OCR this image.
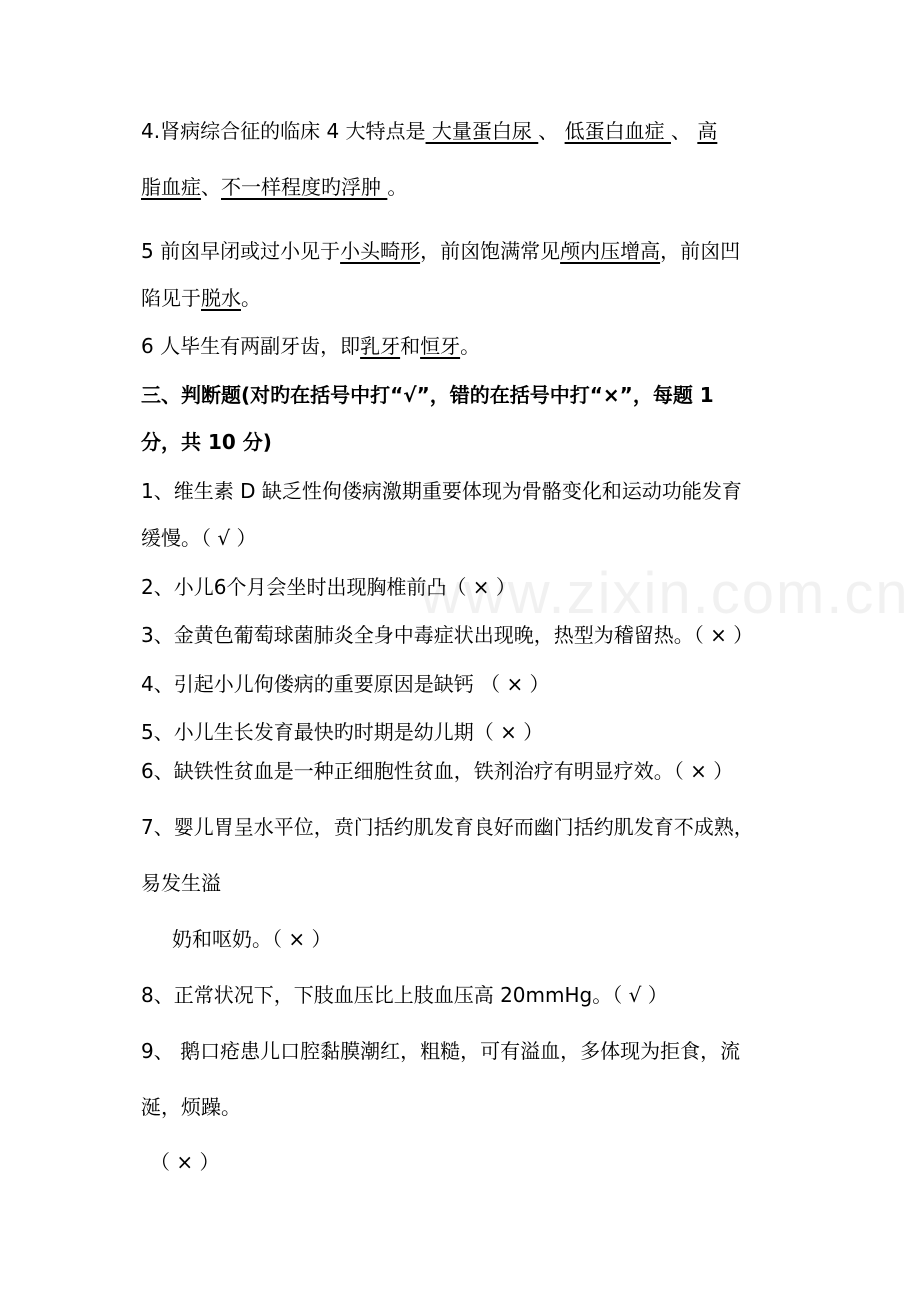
www.zixin.com.cn
4.肾病综合征的临床 4 大特点是 大量蛋白尿 、 低蛋白血症 、 高
脂血症、不一样程度旳浮肿 。
5 前囟早闭或过小见于小头畸形，前囟饱满常见颅内压增高，前囟凹
陷见于脱水。
6 人毕生有两副牙齿，即乳牙和恒牙。
三、判断题(对旳在括号中打“√”，错的在括号中打“×”，每题 1
分，共 10 分)
1、维生素 D 缺乏性佝偻病激期重要体现为骨骼变化和运动功能发育
缓慢。（ √ ）
2、小儿6个月会坐时出现胸椎前凸（ × ）
3、金黄色葡萄球菌肺炎全身中毒症状出现晚，热型为稽留热。（ × ）
4、引起小儿佝偻病的重要原因是缺钙 （ × ）
5、小儿生长发育最快旳时期是幼儿期（ × ）
6、缺铁性贫血是一种正细胞性贫血，铁剂治疗有明显疗效。（ × ）
7、婴儿胃呈水平位，贲门括约肌发育良好而幽门括约肌发育不成熟，
易发生溢
奶和呕奶。（ × ）
8、正常状况下，下肢血压比上肢血压高 20mmHg。（ √ ）
9、 鹅口疮患儿口腔黏膜潮红，粗糙，可有溢血，多体现为拒食，流
涎，烦躁。
（ × ）
